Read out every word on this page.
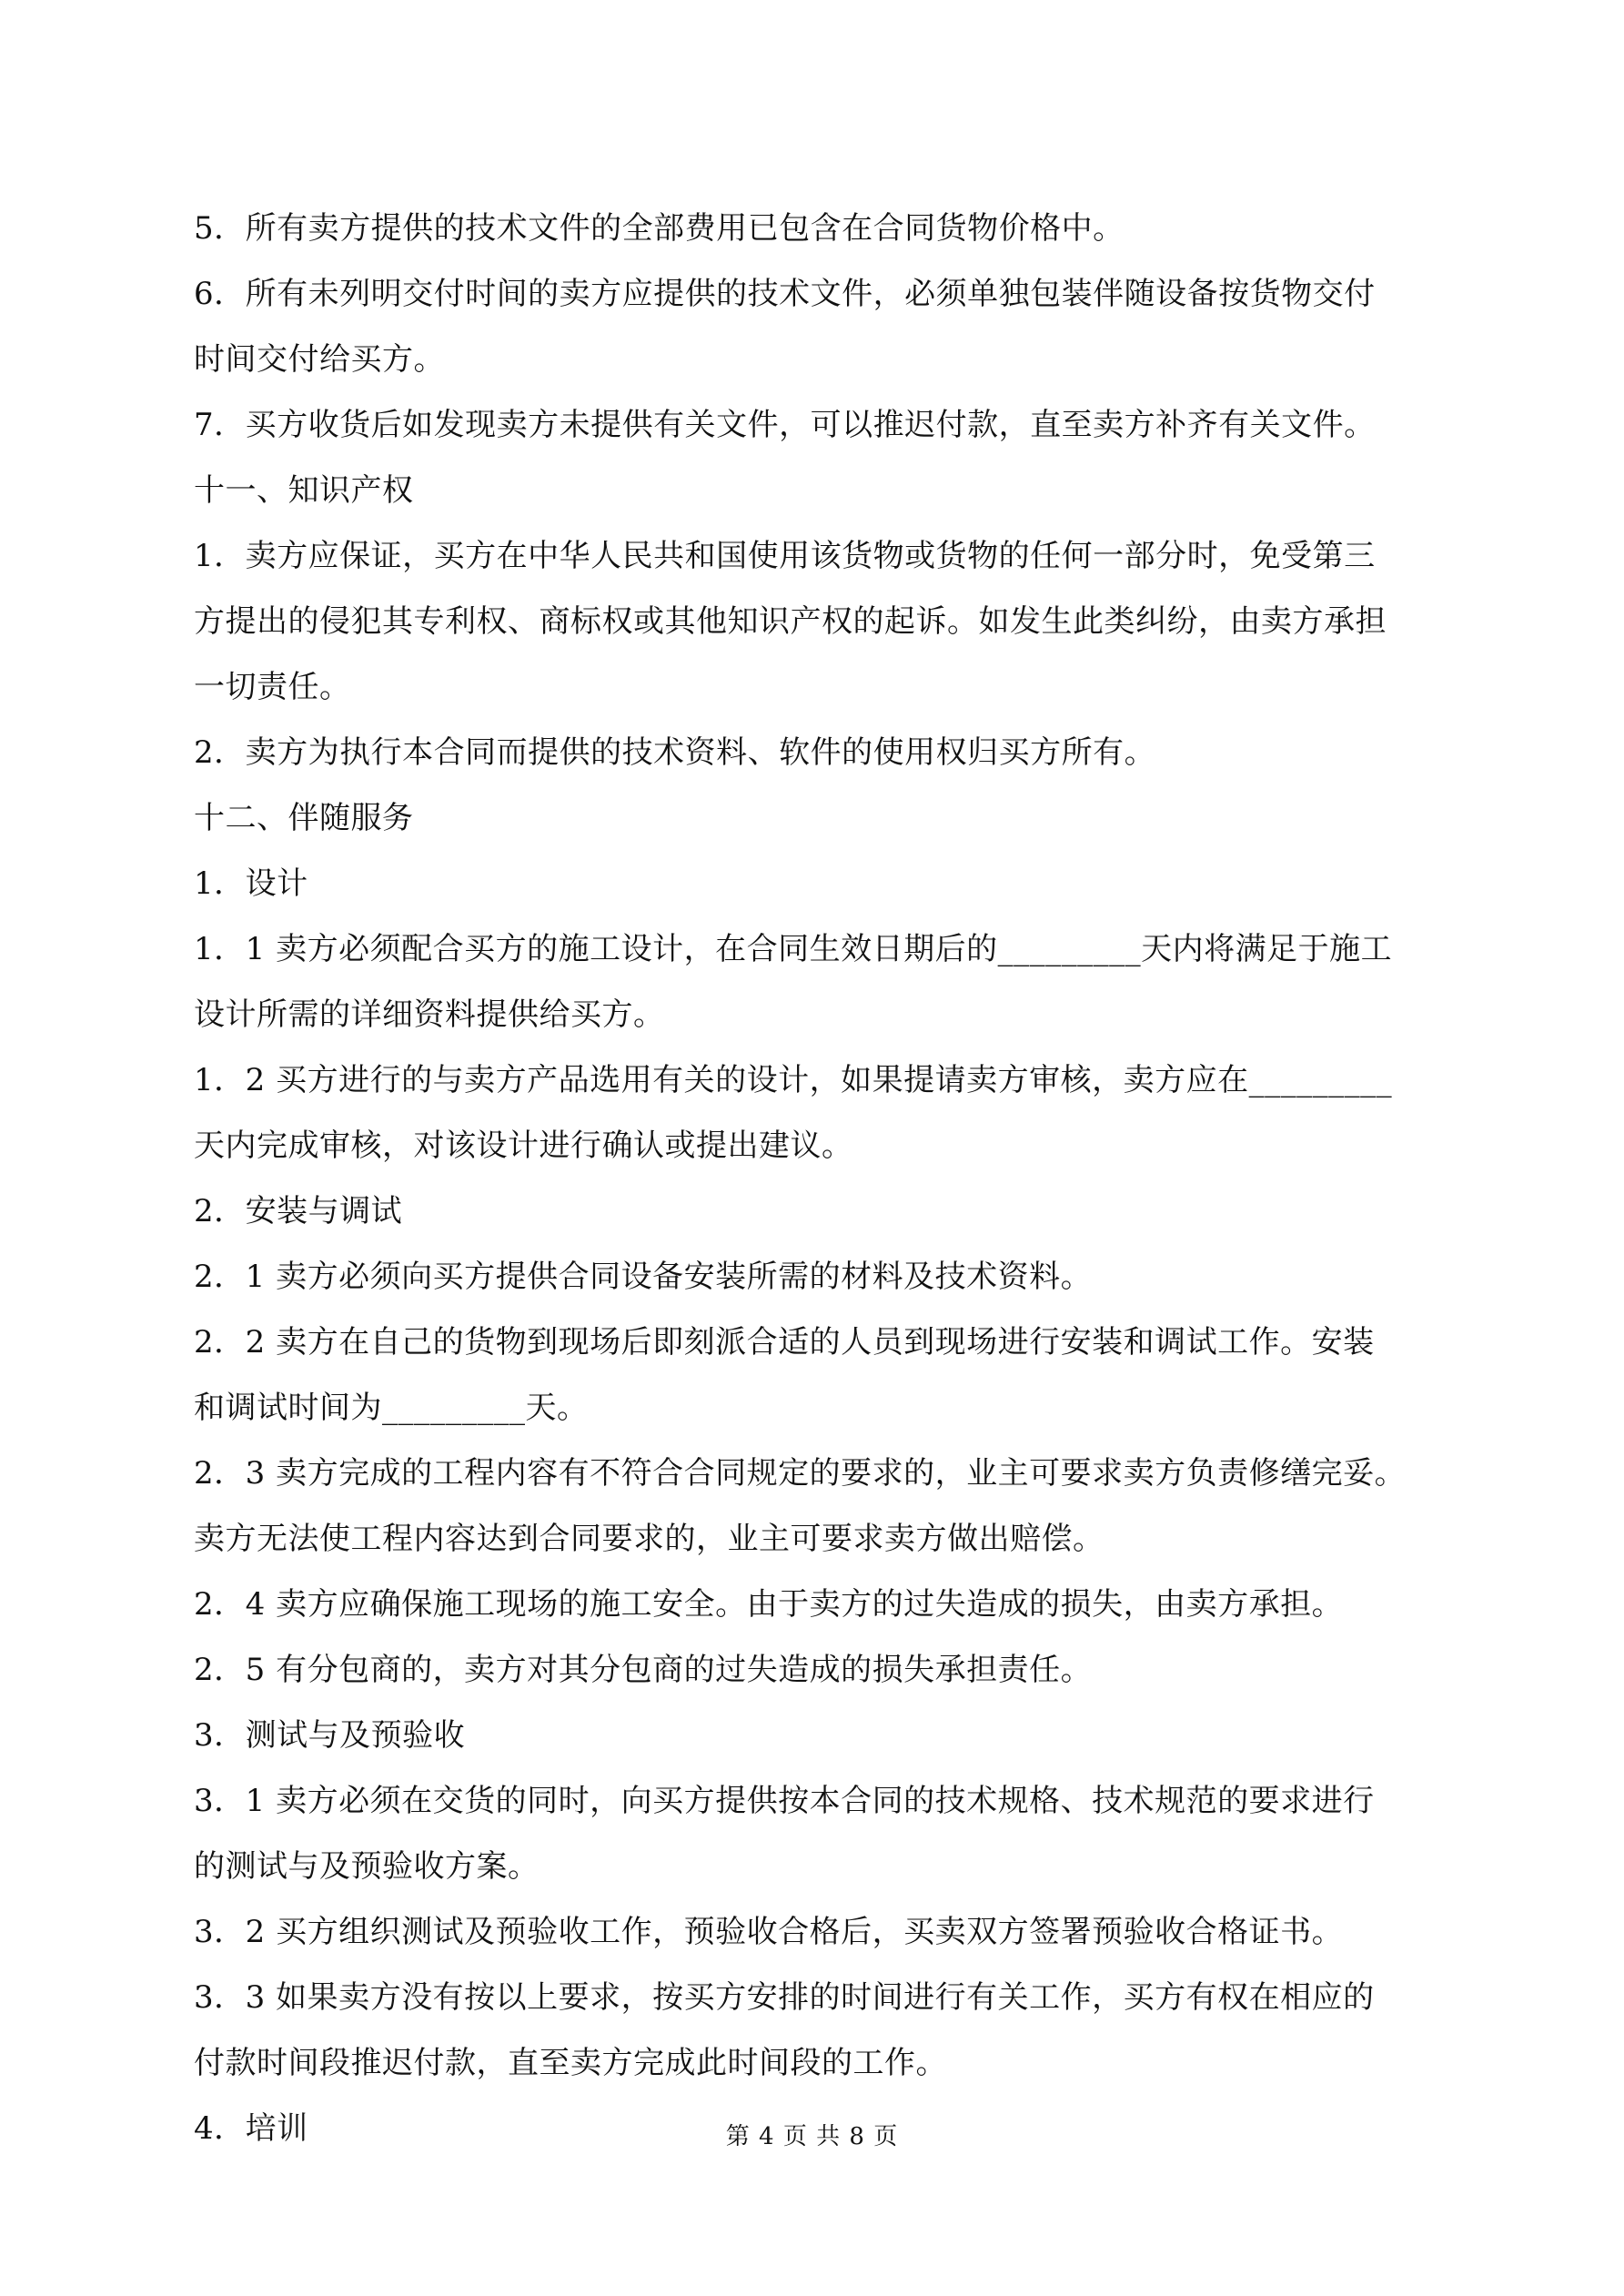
5．所有卖方提供的技术文件的全部费用已包含在合同货物价格中。
6．所有未列明交付时间的卖方应提供的技术文件，必须单独包装伴随设备按货物交付
时间交付给买方。
7．买方收货后如发现卖方未提供有关文件，可以推迟付款，直至卖方补齐有关文件。
十一、知识产权
1．卖方应保证，买方在中华人民共和国使用该货物或货物的任何一部分时，免受第三
方提出的侵犯其专利权、商标权或其他知识产权的起诉。如发生此类纠纷，由卖方承担
一切责任。
2．卖方为执行本合同而提供的技术资料、软件的使用权归买方所有。
十二、伴随服务
1．设计
1．1 卖方必须配合买方的施工设计，在合同生效日期后的_________天内将满足于施工
设计所需的详细资料提供给买方。
1．2 买方进行的与卖方产品选用有关的设计，如果提请卖方审核，卖方应在_________
天内完成审核，对该设计进行确认或提出建议。
2．安装与调试
2．1 卖方必须向买方提供合同设备安装所需的材料及技术资料。
2．2 卖方在自己的货物到现场后即刻派合适的人员到现场进行安装和调试工作。安装
和调试时间为_________天。
2．3 卖方完成的工程内容有不符合合同规定的要求的，业主可要求卖方负责修缮完妥。
卖方无法使工程内容达到合同要求的，业主可要求卖方做出赔偿。
2．4 卖方应确保施工现场的施工安全。由于卖方的过失造成的损失，由卖方承担。
2．5 有分包商的，卖方对其分包商的过失造成的损失承担责任。
3．测试与及预验收
3．1 卖方必须在交货的同时，向买方提供按本合同的技术规格、技术规范的要求进行
的测试与及预验收方案。
3．2 买方组织测试及预验收工作，预验收合格后，买卖双方签署预验收合格证书。
3．3 如果卖方没有按以上要求，按买方安排的时间进行有关工作，买方有权在相应的
付款时间段推迟付款，直至卖方完成此时间段的工作。
4．培训	第 4 页 共 8 页
